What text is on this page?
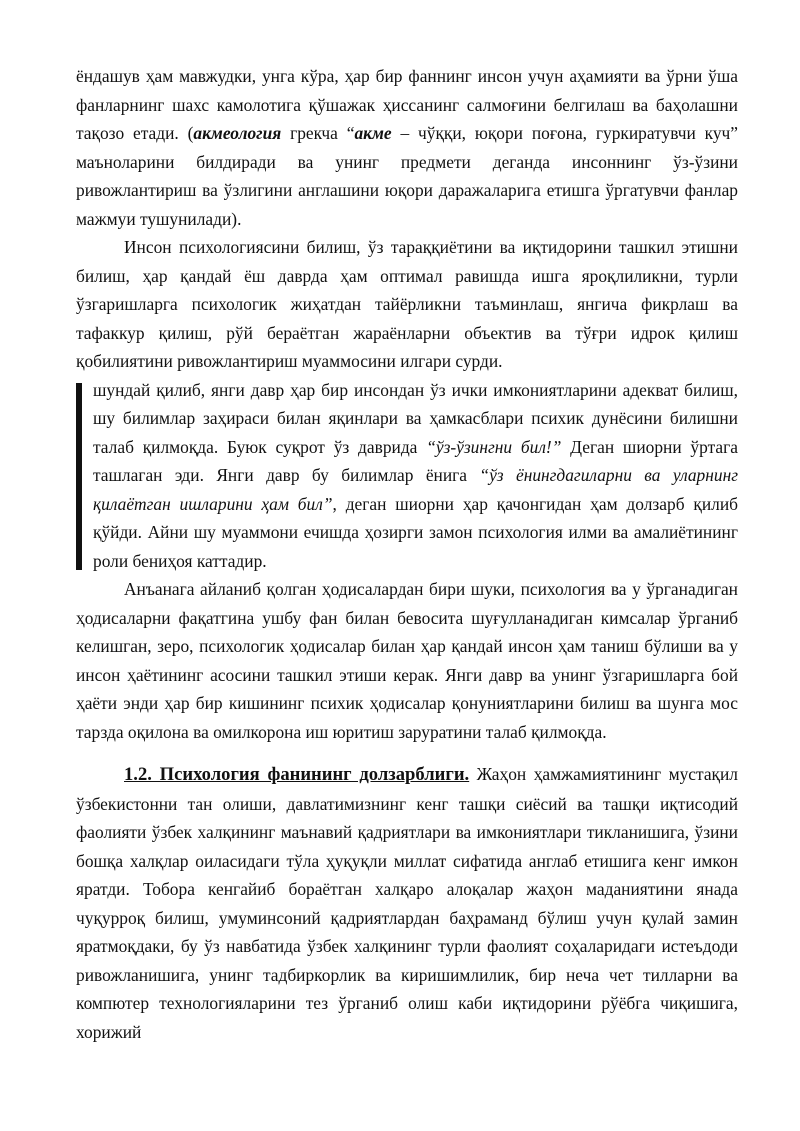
ёндашув ҳам мавжудки, унга кўра, ҳар бир фаннинг инсон учун аҳамияти ва ўрни ўша фанларнинг шахс камолотига қўшажак ҳиссанинг салмоғини белгилаш ва баҳолашни тақозо етади. (акмеология грекча “акме – чўққи, юқори поғона, гуркиратувчи куч” маъноларини билдиради ва унинг предмети деганда инсоннинг ўз-ўзини ривожлантириш ва ўзлигини англашини юқори даражаларига етишга ўргатувчи фанлар мажмуи тушунилади).

Инсон психологиясини билиш, ўз тараққиётини ва иқтидорини ташкил этишни билиш, ҳар қандай ёш даврда ҳам оптимал равишда ишга яроқлиликни, турли ўзгаришларга психологик жиҳатдан тайёрликни таъминлаш, янгича фикрлаш ва тафаккур қилиш, рўй бераётган жараёнларни объектив ва тўғри идрок қилиш қобилиятини ривожлантириш муаммосини илгари сурди.

шундай қилиб, янги давр ҳар бир инсондан ўз ички имкониятларини адекват билиш, шу билимлар заҳираси билан яқинлари ва ҳамкасблари психик дунёсини билишни талаб қилмоқда. Буюк суқрот ўз даврида “ўз-ўзингни бил!” Деган шиорни ўртага ташлаган эди. Янги давр бу билимлар ёнига “ўз ёнингдагиларни ва уларнинг қилаётган ишларини ҳам бил”, деган шиорни ҳар қачонгидан ҳам долзарб қилиб қўйди. Айни шу муаммони ечишда ҳозирги замон психология илми ва амалиётининг роли бениҳоя каттадир.

Анъанага айланиб қолган ҳодисалардан бири шуки, психология ва у ўрганадиган ҳодисаларни фақатгина ушбу фан билан бевосита шуғулланадиган кимсалар ўрганиб келишган, зеро, психологик ҳодисалар билан ҳар қандай инсон ҳам таниш бўлиши ва у инсон ҳаётининг асосини ташкил этиши керак. Янги давр ва унинг ўзгаришларга бой ҳаёти энди ҳар бир кишининг психик ҳодисалар қонуниятларини билиш ва шунга мос тарзда оқилона ва омилкорона иш юритиш заруратини талаб қилмоқда.

1.2. Психология фанининг долзарблиги. Жаҳон ҳамжамиятининг мустақил ўзбекистонни тан олиши, давлатимизнинг кенг ташқи сиёсий ва ташқи иқтисодий фаолияти ўзбек халқининг маънавий қадриятлари ва имкониятлари тикланишига, ўзини бошқа халқлар оиласидаги тўла ҳуқуқли миллат сифатида англаб етишига кенг имкон яратди. Тобора кенгайиб бораётган халқаро алоқалар жаҳон маданиятини янада чуқурроқ билиш, умуминсоний қадриятлардан баҳраманд бўлиш учун қулай замин яратмоқдаки, бу ўз навбатида ўзбек халқининг турли фаолият соҳаларидаги истеъдоди ривожланишига, унинг тадбиркорлик ва киришимлилик, бир неча чет тилларни ва компютер технологияларини тез ўрганиб олиш каби иқтидорини рўёбга чиқишига, хорижий
